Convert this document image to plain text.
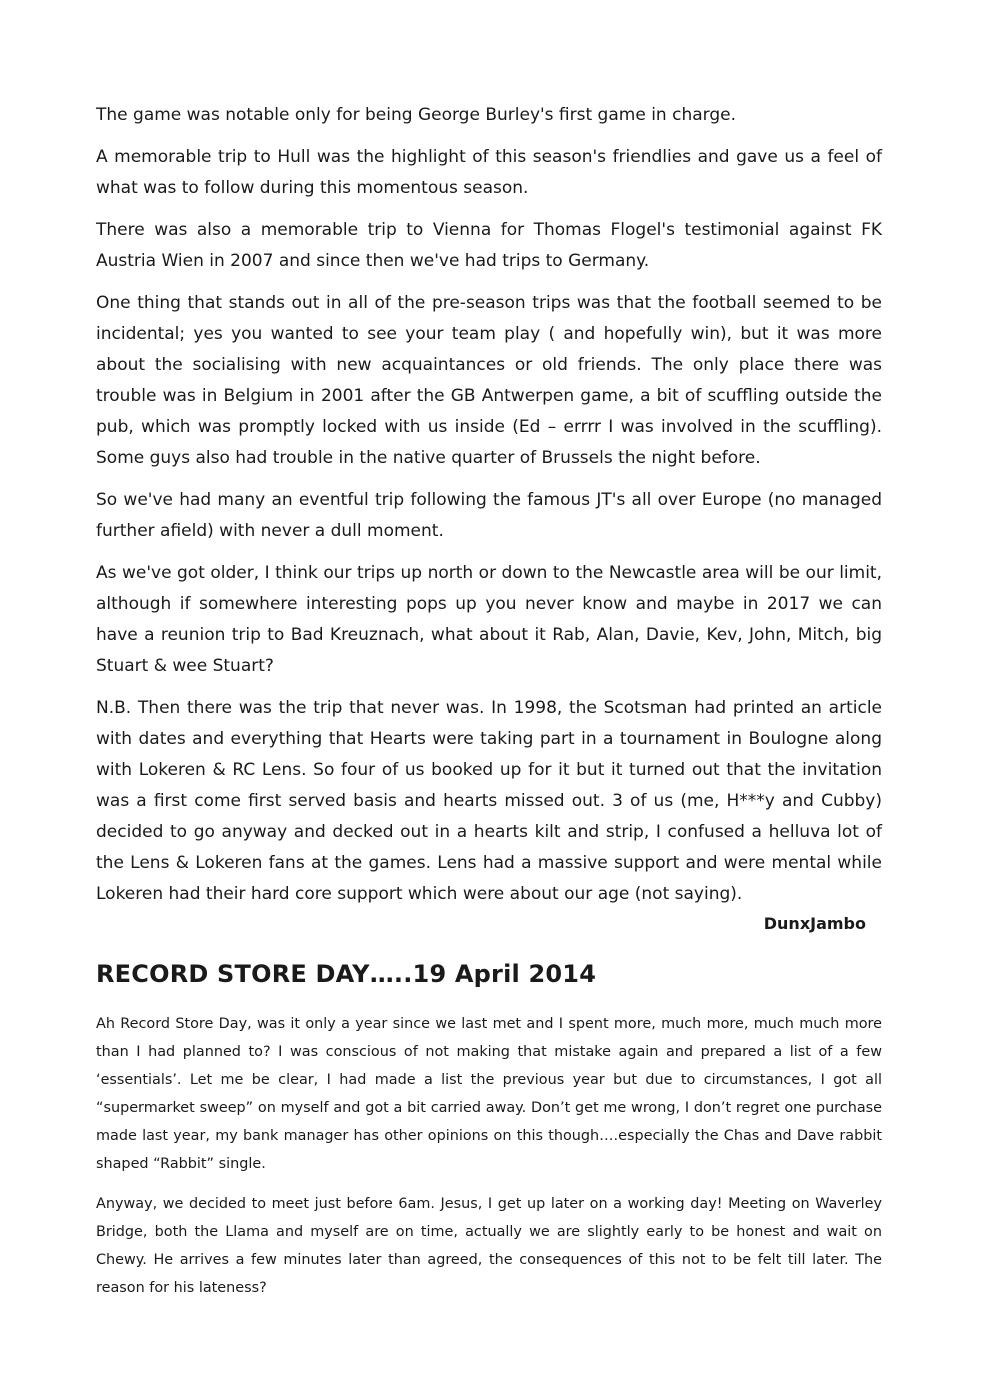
The game was notable only for being George Burley's first game in charge.

A memorable trip to Hull was the highlight of this season's friendlies and gave us a feel of what was to follow during this momentous season.

There was also a memorable trip to Vienna for Thomas Flogel's testimonial against FK Austria Wien in 2007 and since then we've had trips to Germany.

One thing that stands out in all of the pre-season trips was that the football seemed to be incidental; yes you wanted to see your team play ( and hopefully win), but it was more about the socialising with new acquaintances or old friends. The only place there was trouble was in Belgium in 2001 after the GB Antwerpen game, a bit of scuffling outside the pub, which was promptly locked with us inside (Ed – errrr I was involved in the scuffling). Some guys also had trouble in the native quarter of Brussels the night before.

So we've had many an eventful trip following the famous JT's all over Europe (no managed further afield) with never a dull moment.

As we've got older, I think our trips up north or down to the Newcastle area will be our limit, although if somewhere interesting pops up you never know and maybe in 2017 we can have a reunion trip to Bad Kreuznach, what about it Rab, Alan, Davie, Kev, John, Mitch, big Stuart & wee Stuart?

N.B. Then there was the trip that never was. In 1998, the Scotsman had printed an article with dates and everything that Hearts were taking part in a tournament in Boulogne along with Lokeren & RC Lens. So four of us booked up for it but it turned out that the invitation was a first come first served basis and hearts missed out. 3 of us (me, H***y and Cubby) decided to go anyway and decked out in a hearts kilt and strip, I confused a helluva lot of the Lens & Lokeren fans at the games. Lens had a massive support and were mental while Lokeren had their hard core support which were about our age (not saying).

DunxJambo
RECORD STORE DAY…..19 April 2014

Ah Record Store Day, was it only a year since we last met and I spent more, much more, much much more than I had planned to? I was conscious of not making that mistake again and prepared a list of a few ‘essentials’. Let me be clear, I had made a list the previous year but due to circumstances, I got all “supermarket sweep” on myself and got a bit carried away. Don’t get me wrong, I don’t regret one purchase made last year, my bank manager has other opinions on this though….especially the Chas and Dave rabbit shaped “Rabbit” single.

Anyway, we decided to meet just before 6am. Jesus, I get up later on a working day! Meeting on Waverley Bridge, both the Llama and myself are on time, actually we are slightly early to be honest and wait on Chewy. He arrives a few minutes later than agreed, the consequences of this not to be felt till later. The reason for his lateness?
